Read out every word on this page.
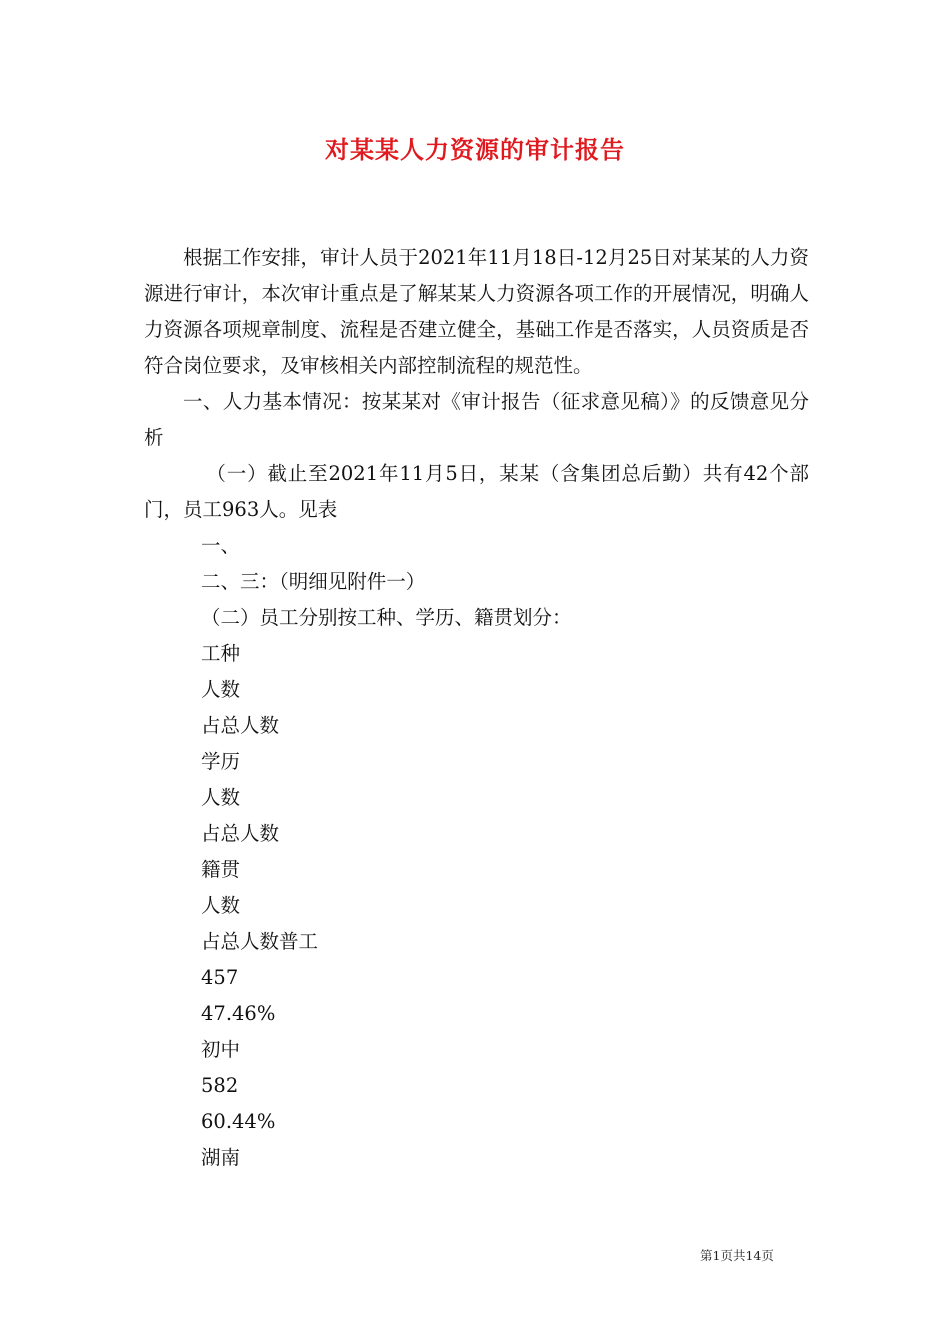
对某某人力资源的审计报告

根据工作安排，审计人员于2021年11月18日-12月25日对某某的人力资源进行审计，本次审计重点是了解某某人力资源各项工作的开展情况，明确人力资源各项规章制度、流程是否建立健全，基础工作是否落实，人员资质是否符合岗位要求，及审核相关内部控制流程的规范性。

一、人力基本情况：按某某对《审计报告（征求意见稿）》的反馈意见分析

（一）截止至2021年11月5日，某某（含集团总后勤）共有42个部门，员工963人。见表

一、

二、三：（明细见附件一）

（二）员工分别按工种、学历、籍贯划分：

工种

人数

占总人数

学历

人数

占总人数

籍贯

人数

占总人数普工

457

47.46%

初中

582

60.44%

湖南

第1页共14页
